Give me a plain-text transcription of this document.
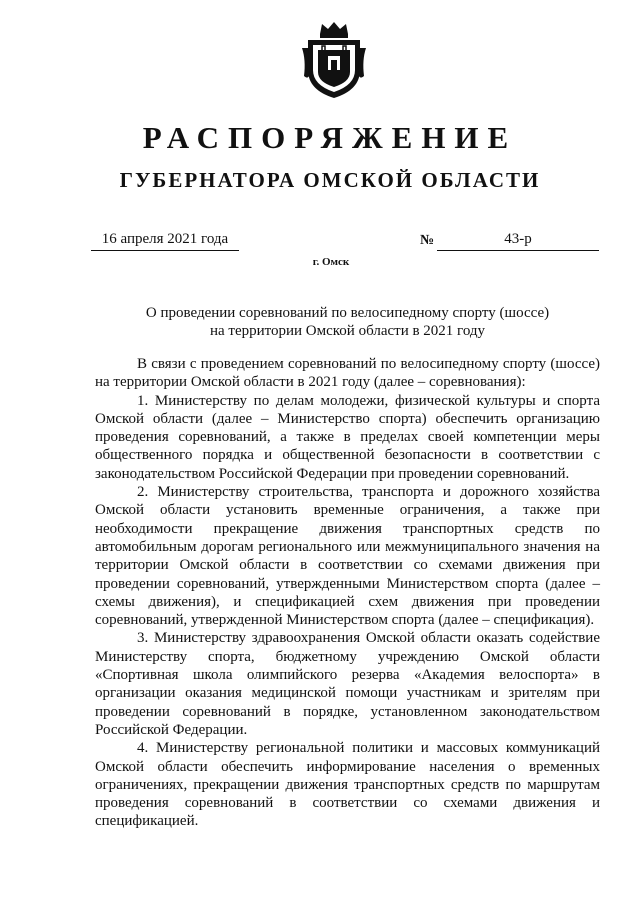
РАСПОРЯЖЕНИЕ
ГУБЕРНАТОРА ОМСКОЙ ОБЛАСТИ
16 апреля 2021 года	№	43-р
г. Омск
О проведении соревнований по велосипедному спорту (шоссе)
на территории Омской области в 2021 году

В связи с проведением соревнований по велосипедному спорту (шоссе) на территории Омской области в 2021 году (далее – соревнования):

1. Министерству по делам молодежи, физической культуры и спорта Омской области (далее – Министерство спорта) обеспечить организацию проведения соревнований, а также в пределах своей компетенции меры общественного порядка и общественной безопасности в соответствии с законодательством Российской Федерации при проведении соревнований.

2. Министерству строительства, транспорта и дорожного хозяйства Омской области установить временные ограничения, а также при необходимости прекращение движения транспортных средств по автомобильным дорогам регионального или межмуниципального значения на территории Омской области в соответствии со схемами движения при проведении соревнований, утвержденными Министерством спорта (далее – схемы движения), и спецификацией схем движения при проведении соревнований, утвержденной Министерством спорта (далее – спецификация).

3. Министерству здравоохранения Омской области оказать содействие Министерству спорта, бюджетному учреждению Омской области «Спортивная школа олимпийского резерва «Академия велоспорта» в организации оказания медицинской помощи участникам и зрителям при проведении соревнований в порядке, установленном законодательством Российской Федерации.

4. Министерству региональной политики и массовых коммуникаций Омской области обеспечить информирование населения о временных ограничениях, прекращении движения транспортных средств по маршрутам проведения соревнований в соответствии со схемами движения и спецификацией.
